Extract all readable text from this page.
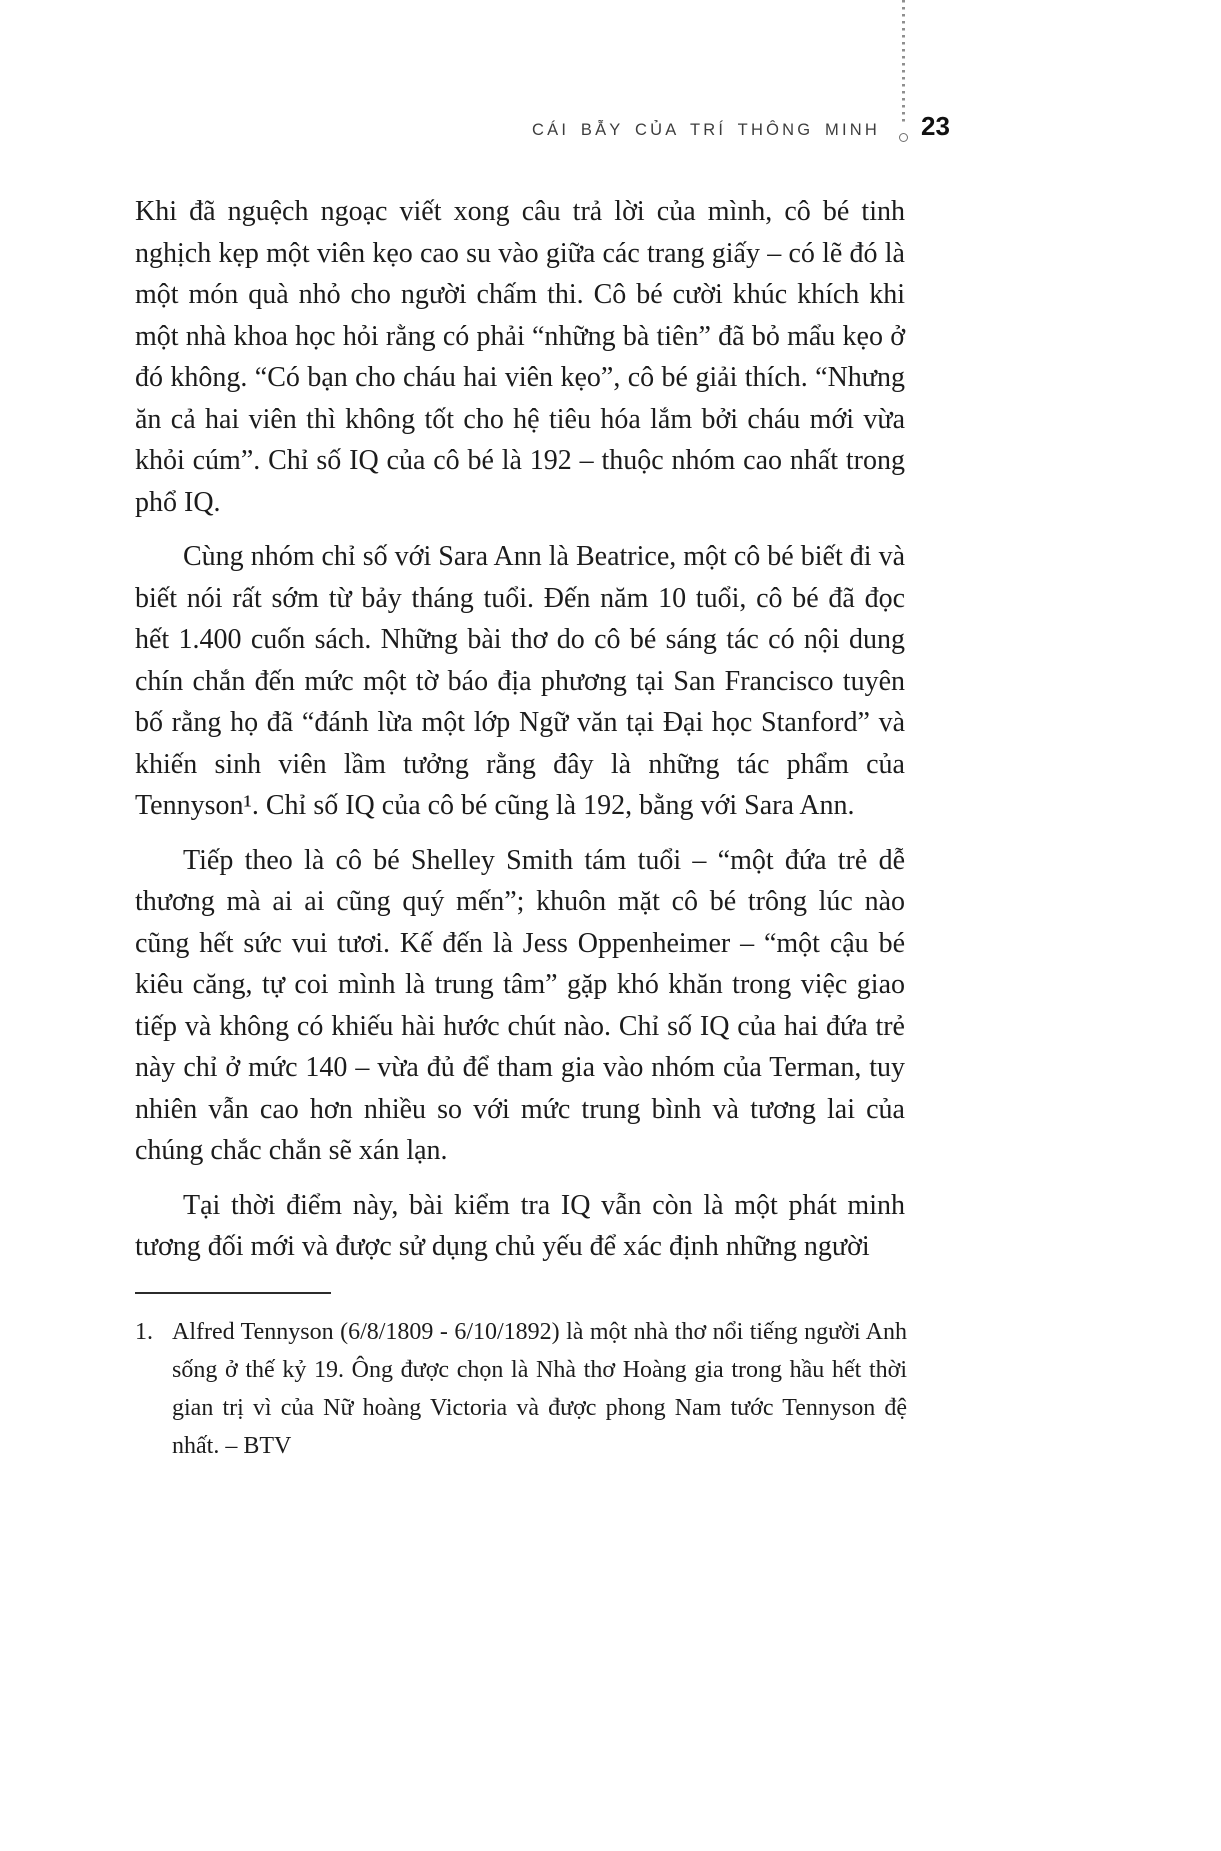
CÁI BẪY CỦA TRÍ THÔNG MINH 23

Khi đã nguệch ngoạc viết xong câu trả lời của mình, cô bé tinh nghịch kẹp một viên kẹo cao su vào giữa các trang giấy – có lẽ đó là một món quà nhỏ cho người chấm thi. Cô bé cười khúc khích khi một nhà khoa học hỏi rằng có phải “những bà tiên” đã bỏ mẩu kẹo ở đó không. “Có bạn cho cháu hai viên kẹo”, cô bé giải thích. “Nhưng ăn cả hai viên thì không tốt cho hệ tiêu hóa lắm bởi cháu mới vừa khỏi cúm”. Chỉ số IQ của cô bé là 192 – thuộc nhóm cao nhất trong phổ IQ.

Cùng nhóm chỉ số với Sara Ann là Beatrice, một cô bé biết đi và biết nói rất sớm từ bảy tháng tuổi. Đến năm 10 tuổi, cô bé đã đọc hết 1.400 cuốn sách. Những bài thơ do cô bé sáng tác có nội dung chín chắn đến mức một tờ báo địa phương tại San Francisco tuyên bố rằng họ đã “đánh lừa một lớp Ngữ văn tại Đại học Stanford” và khiến sinh viên lầm tưởng rằng đây là những tác phẩm của Tennyson¹. Chỉ số IQ của cô bé cũng là 192, bằng với Sara Ann.

Tiếp theo là cô bé Shelley Smith tám tuổi – “một đứa trẻ dễ thương mà ai ai cũng quý mến”; khuôn mặt cô bé trông lúc nào cũng hết sức vui tươi. Kế đến là Jess Oppenheimer – “một cậu bé kiêu căng, tự coi mình là trung tâm” gặp khó khăn trong việc giao tiếp và không có khiếu hài hước chút nào. Chỉ số IQ của hai đứa trẻ này chỉ ở mức 140 – vừa đủ để tham gia vào nhóm của Terman, tuy nhiên vẫn cao hơn nhiều so với mức trung bình và tương lai của chúng chắc chắn sẽ xán lạn.

Tại thời điểm này, bài kiểm tra IQ vẫn còn là một phát minh tương đối mới và được sử dụng chủ yếu để xác định những người

1. Alfred Tennyson (6/8/1809 - 6/10/1892) là một nhà thơ nổi tiếng người Anh sống ở thế kỷ 19. Ông được chọn là Nhà thơ Hoàng gia trong hầu hết thời gian trị vì của Nữ hoàng Victoria và được phong Nam tước Tennyson đệ nhất. – BTV
